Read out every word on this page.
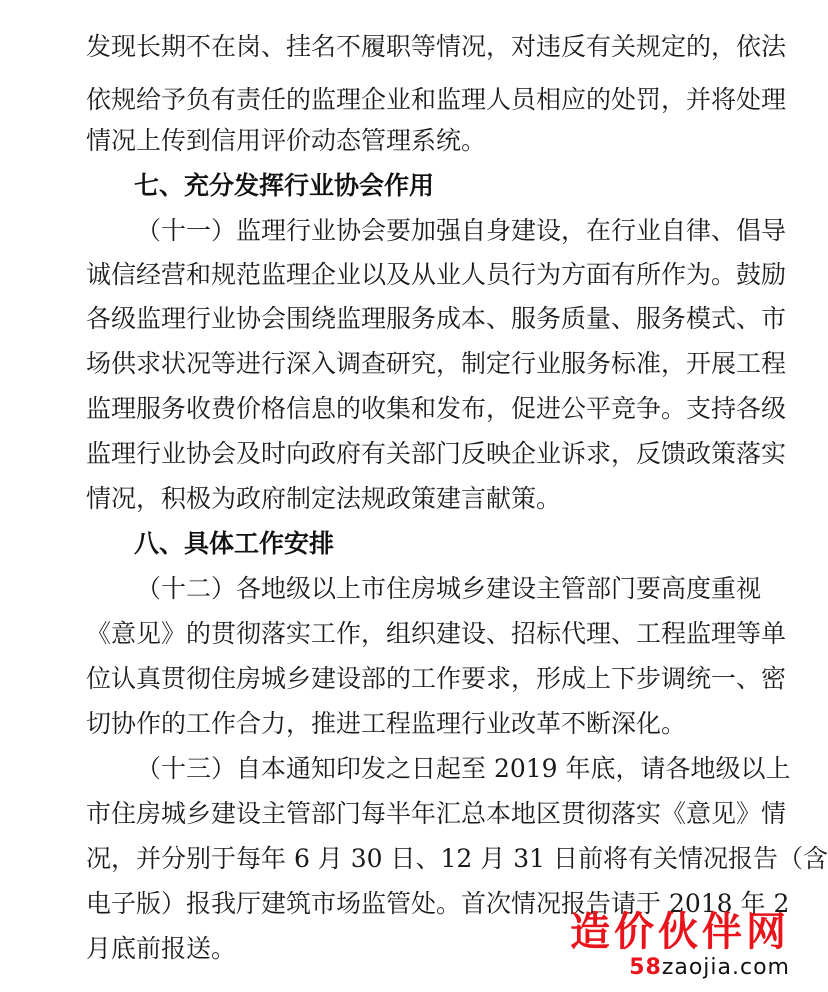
发现长期不在岗、挂名不履职等情况，对违反有关规定的，依法
依规给予负有责任的监理企业和监理人员相应的处罚，并将处理
情况上传到信用评价动态管理系统。
七、充分发挥行业协会作用
（十一）监理行业协会要加强自身建设，在行业自律、倡导
诚信经营和规范监理企业以及从业人员行为方面有所作为。鼓励
各级监理行业协会围绕监理服务成本、服务质量、服务模式、市
场供求状况等进行深入调查研究，制定行业服务标准，开展工程
监理服务收费价格信息的收集和发布，促进公平竞争。支持各级
监理行业协会及时向政府有关部门反映企业诉求，反馈政策落实
情况，积极为政府制定法规政策建言献策。
八、具体工作安排
（十二）各地级以上市住房城乡建设主管部门要高度重视
《意见》的贯彻落实工作，组织建设、招标代理、工程监理等单
位认真贯彻住房城乡建设部的工作要求，形成上下步调统一、密
切协作的工作合力，推进工程监理行业改革不断深化。
（十三）自本通知印发之日起至 2019 年底，请各地级以上
市住房城乡建设主管部门每半年汇总本地区贯彻落实《意见》情
况，并分别于每年 6 月 30 日、12 月 31 日前将有关情况报告（含
电子版）报我厅建筑市场监管处。首次情况报告请于 2018 年 2
月底前报送。	造价伙伴网
58zaojia.com
